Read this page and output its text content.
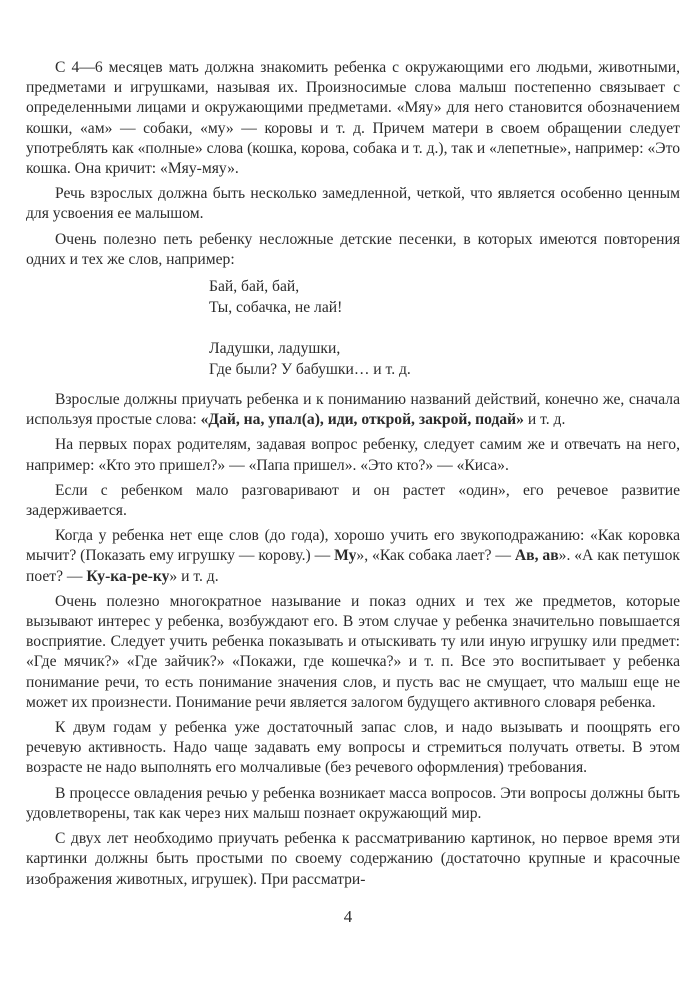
С 4—6 месяцев мать должна знакомить ребенка с окружающими его людьми, животными, предметами и игрушками, называя их. Произносимые слова малыш постепенно связывает с определенными лицами и окружающими предметами. «Мяу» для него становится обозначением кошки, «ам» — собаки, «му» — коровы и т. д. Причем матери в своем обращении следует употреблять как «полные» слова (кошка, корова, собака и т. д.), так и «лепетные», например: «Это кошка. Она кричит: «Мяу-мяу».

Речь взрослых должна быть несколько замедленной, четкой, что является особенно ценным для усвоения ее малышом.

Очень полезно петь ребенку несложные детские песенки, в которых имеются повторения одних и тех же слов, например:

Бай, бай, бай,
Ты, собачка, не лай!
Ладушки, ладушки,
Где были? У бабушки… и т. д.

Взрослые должны приучать ребенка и к пониманию названий действий, конечно же, сначала используя простые слова: «Дай, на, упал(а), иди, открой, закрой, подай» и т. д.

На первых порах родителям, задавая вопрос ребенку, следует самим же и отвечать на него, например: «Кто это пришел?» — «Папа пришел». «Это кто?» — «Киса».

Если с ребенком мало разговаривают и он растет «один», его речевое развитие задерживается.

Когда у ребенка нет еще слов (до года), хорошо учить его звукоподражанию: «Как коровка мычит? (Показать ему игрушку — корову.) — Му», «Как собака лает? — Ав, ав». «А как петушок поет? — Ку-ка-ре-ку» и т. д.

Очень полезно многократное называние и показ одних и тех же предметов, которые вызывают интерес у ребенка, возбуждают его. В этом случае у ребенка значительно повышается восприятие. Следует учить ребенка показывать и отыскивать ту или иную игрушку или предмет: «Где мячик?» «Где зайчик?» «Покажи, где кошечка?» и т. п. Все это воспитывает у ребенка понимание речи, то есть понимание значения слов, и пусть вас не смущает, что малыш еще не может их произнести. Понимание речи является залогом будущего активного словаря ребенка.

К двум годам у ребенка уже достаточный запас слов, и надо вызывать и поощрять его речевую активность. Надо чаще задавать ему вопросы и стремиться получать ответы. В этом возрасте не надо выполнять его молчаливые (без речевого оформления) требования.

В процессе овладения речью у ребенка возникает масса вопросов. Эти вопросы должны быть удовлетворены, так как через них малыш познает окружающий мир.

С двух лет необходимо приучать ребенка к рассматриванию картинок, но первое время эти картинки должны быть простыми по своему содержанию (достаточно крупные и красочные изображения животных, игрушек). При рассматри-

4
